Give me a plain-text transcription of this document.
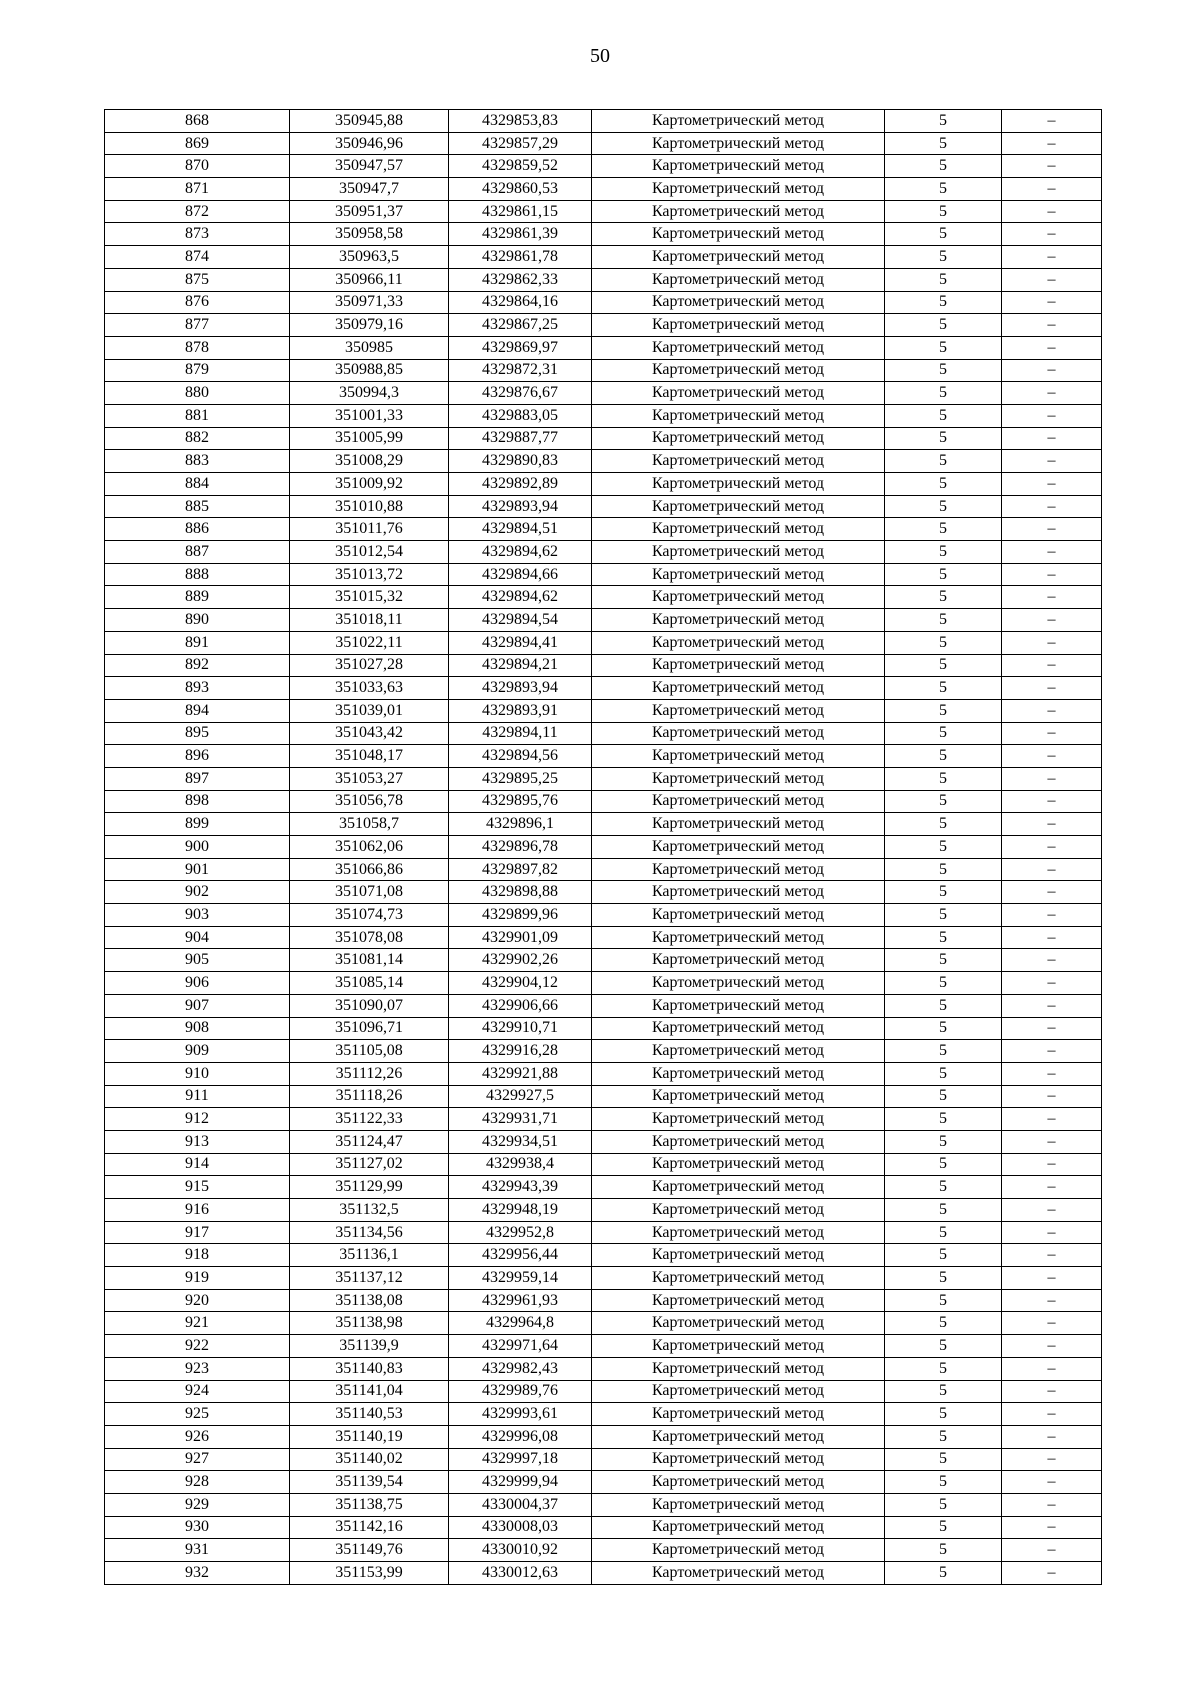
50
868	350945,88	4329853,83	Картометрический метод	5	–
869	350946,96	4329857,29	Картометрический метод	5	–
870	350947,57	4329859,52	Картометрический метод	5	–
871	350947,7	4329860,53	Картометрический метод	5	–
872	350951,37	4329861,15	Картометрический метод	5	–
873	350958,58	4329861,39	Картометрический метод	5	–
874	350963,5	4329861,78	Картометрический метод	5	–
875	350966,11	4329862,33	Картометрический метод	5	–
876	350971,33	4329864,16	Картометрический метод	5	–
877	350979,16	4329867,25	Картометрический метод	5	–
878	350985	4329869,97	Картометрический метод	5	–
879	350988,85	4329872,31	Картометрический метод	5	–
880	350994,3	4329876,67	Картометрический метод	5	–
881	351001,33	4329883,05	Картометрический метод	5	–
882	351005,99	4329887,77	Картометрический метод	5	–
883	351008,29	4329890,83	Картометрический метод	5	–
884	351009,92	4329892,89	Картометрический метод	5	–
885	351010,88	4329893,94	Картометрический метод	5	–
886	351011,76	4329894,51	Картометрический метод	5	–
887	351012,54	4329894,62	Картометрический метод	5	–
888	351013,72	4329894,66	Картометрический метод	5	–
889	351015,32	4329894,62	Картометрический метод	5	–
890	351018,11	4329894,54	Картометрический метод	5	–
891	351022,11	4329894,41	Картометрический метод	5	–
892	351027,28	4329894,21	Картометрический метод	5	–
893	351033,63	4329893,94	Картометрический метод	5	–
894	351039,01	4329893,91	Картометрический метод	5	–
895	351043,42	4329894,11	Картометрический метод	5	–
896	351048,17	4329894,56	Картометрический метод	5	–
897	351053,27	4329895,25	Картометрический метод	5	–
898	351056,78	4329895,76	Картометрический метод	5	–
899	351058,7	4329896,1	Картометрический метод	5	–
900	351062,06	4329896,78	Картометрический метод	5	–
901	351066,86	4329897,82	Картометрический метод	5	–
902	351071,08	4329898,88	Картометрический метод	5	–
903	351074,73	4329899,96	Картометрический метод	5	–
904	351078,08	4329901,09	Картометрический метод	5	–
905	351081,14	4329902,26	Картометрический метод	5	–
906	351085,14	4329904,12	Картометрический метод	5	–
907	351090,07	4329906,66	Картометрический метод	5	–
908	351096,71	4329910,71	Картометрический метод	5	–
909	351105,08	4329916,28	Картометрический метод	5	–
910	351112,26	4329921,88	Картометрический метод	5	–
911	351118,26	4329927,5	Картометрический метод	5	–
912	351122,33	4329931,71	Картометрический метод	5	–
913	351124,47	4329934,51	Картометрический метод	5	–
914	351127,02	4329938,4	Картометрический метод	5	–
915	351129,99	4329943,39	Картометрический метод	5	–
916	351132,5	4329948,19	Картометрический метод	5	–
917	351134,56	4329952,8	Картометрический метод	5	–
918	351136,1	4329956,44	Картометрический метод	5	–
919	351137,12	4329959,14	Картометрический метод	5	–
920	351138,08	4329961,93	Картометрический метод	5	–
921	351138,98	4329964,8	Картометрический метод	5	–
922	351139,9	4329971,64	Картометрический метод	5	–
923	351140,83	4329982,43	Картометрический метод	5	–
924	351141,04	4329989,76	Картометрический метод	5	–
925	351140,53	4329993,61	Картометрический метод	5	–
926	351140,19	4329996,08	Картометрический метод	5	–
927	351140,02	4329997,18	Картометрический метод	5	–
928	351139,54	4329999,94	Картометрический метод	5	–
929	351138,75	4330004,37	Картометрический метод	5	–
930	351142,16	4330008,03	Картометрический метод	5	–
931	351149,76	4330010,92	Картометрический метод	5	–
932	351153,99	4330012,63	Картометрический метод	5	–
